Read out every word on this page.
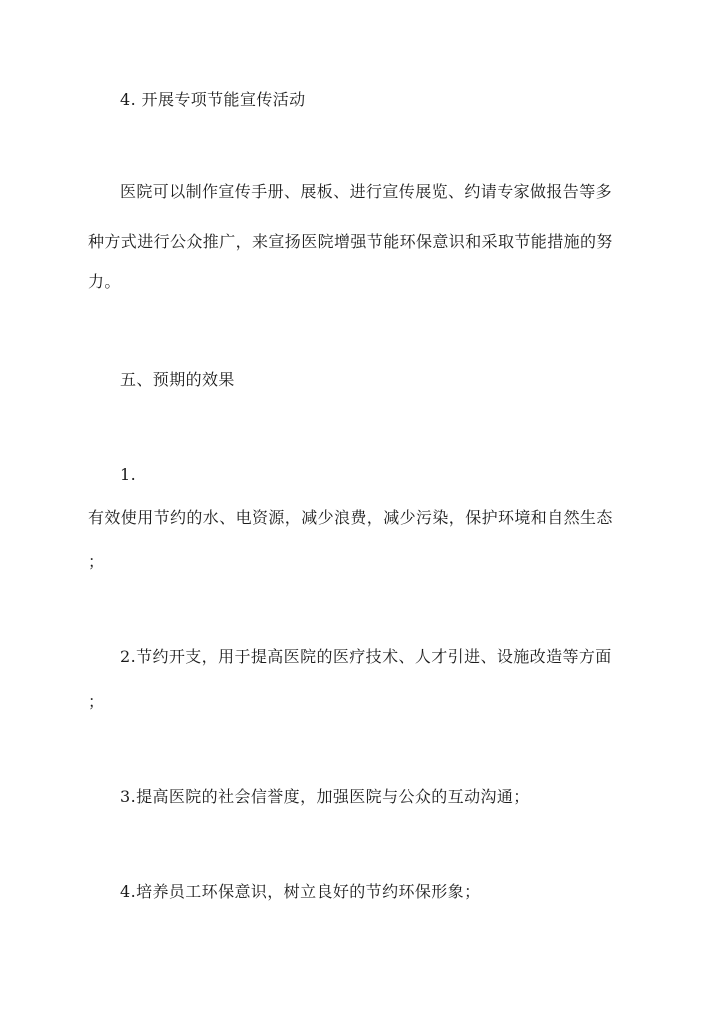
4. 开展专项节能宣传活动
医院可以制作宣传手册、展板、进行宣传展览、约请专家做报告等多
种方式进行公众推广，来宣扬医院增强节能环保意识和采取节能措施的努
力。
五、预期的效果
1.
有效使用节约的水、电资源，减少浪费，减少污染，保护环境和自然生态
；
2.节约开支，用于提高医院的医疗技术、人才引进、设施改造等方面
；
3.提高医院的社会信誉度，加强医院与公众的互动沟通；
4.培养员工环保意识，树立良好的节约环保形象；
